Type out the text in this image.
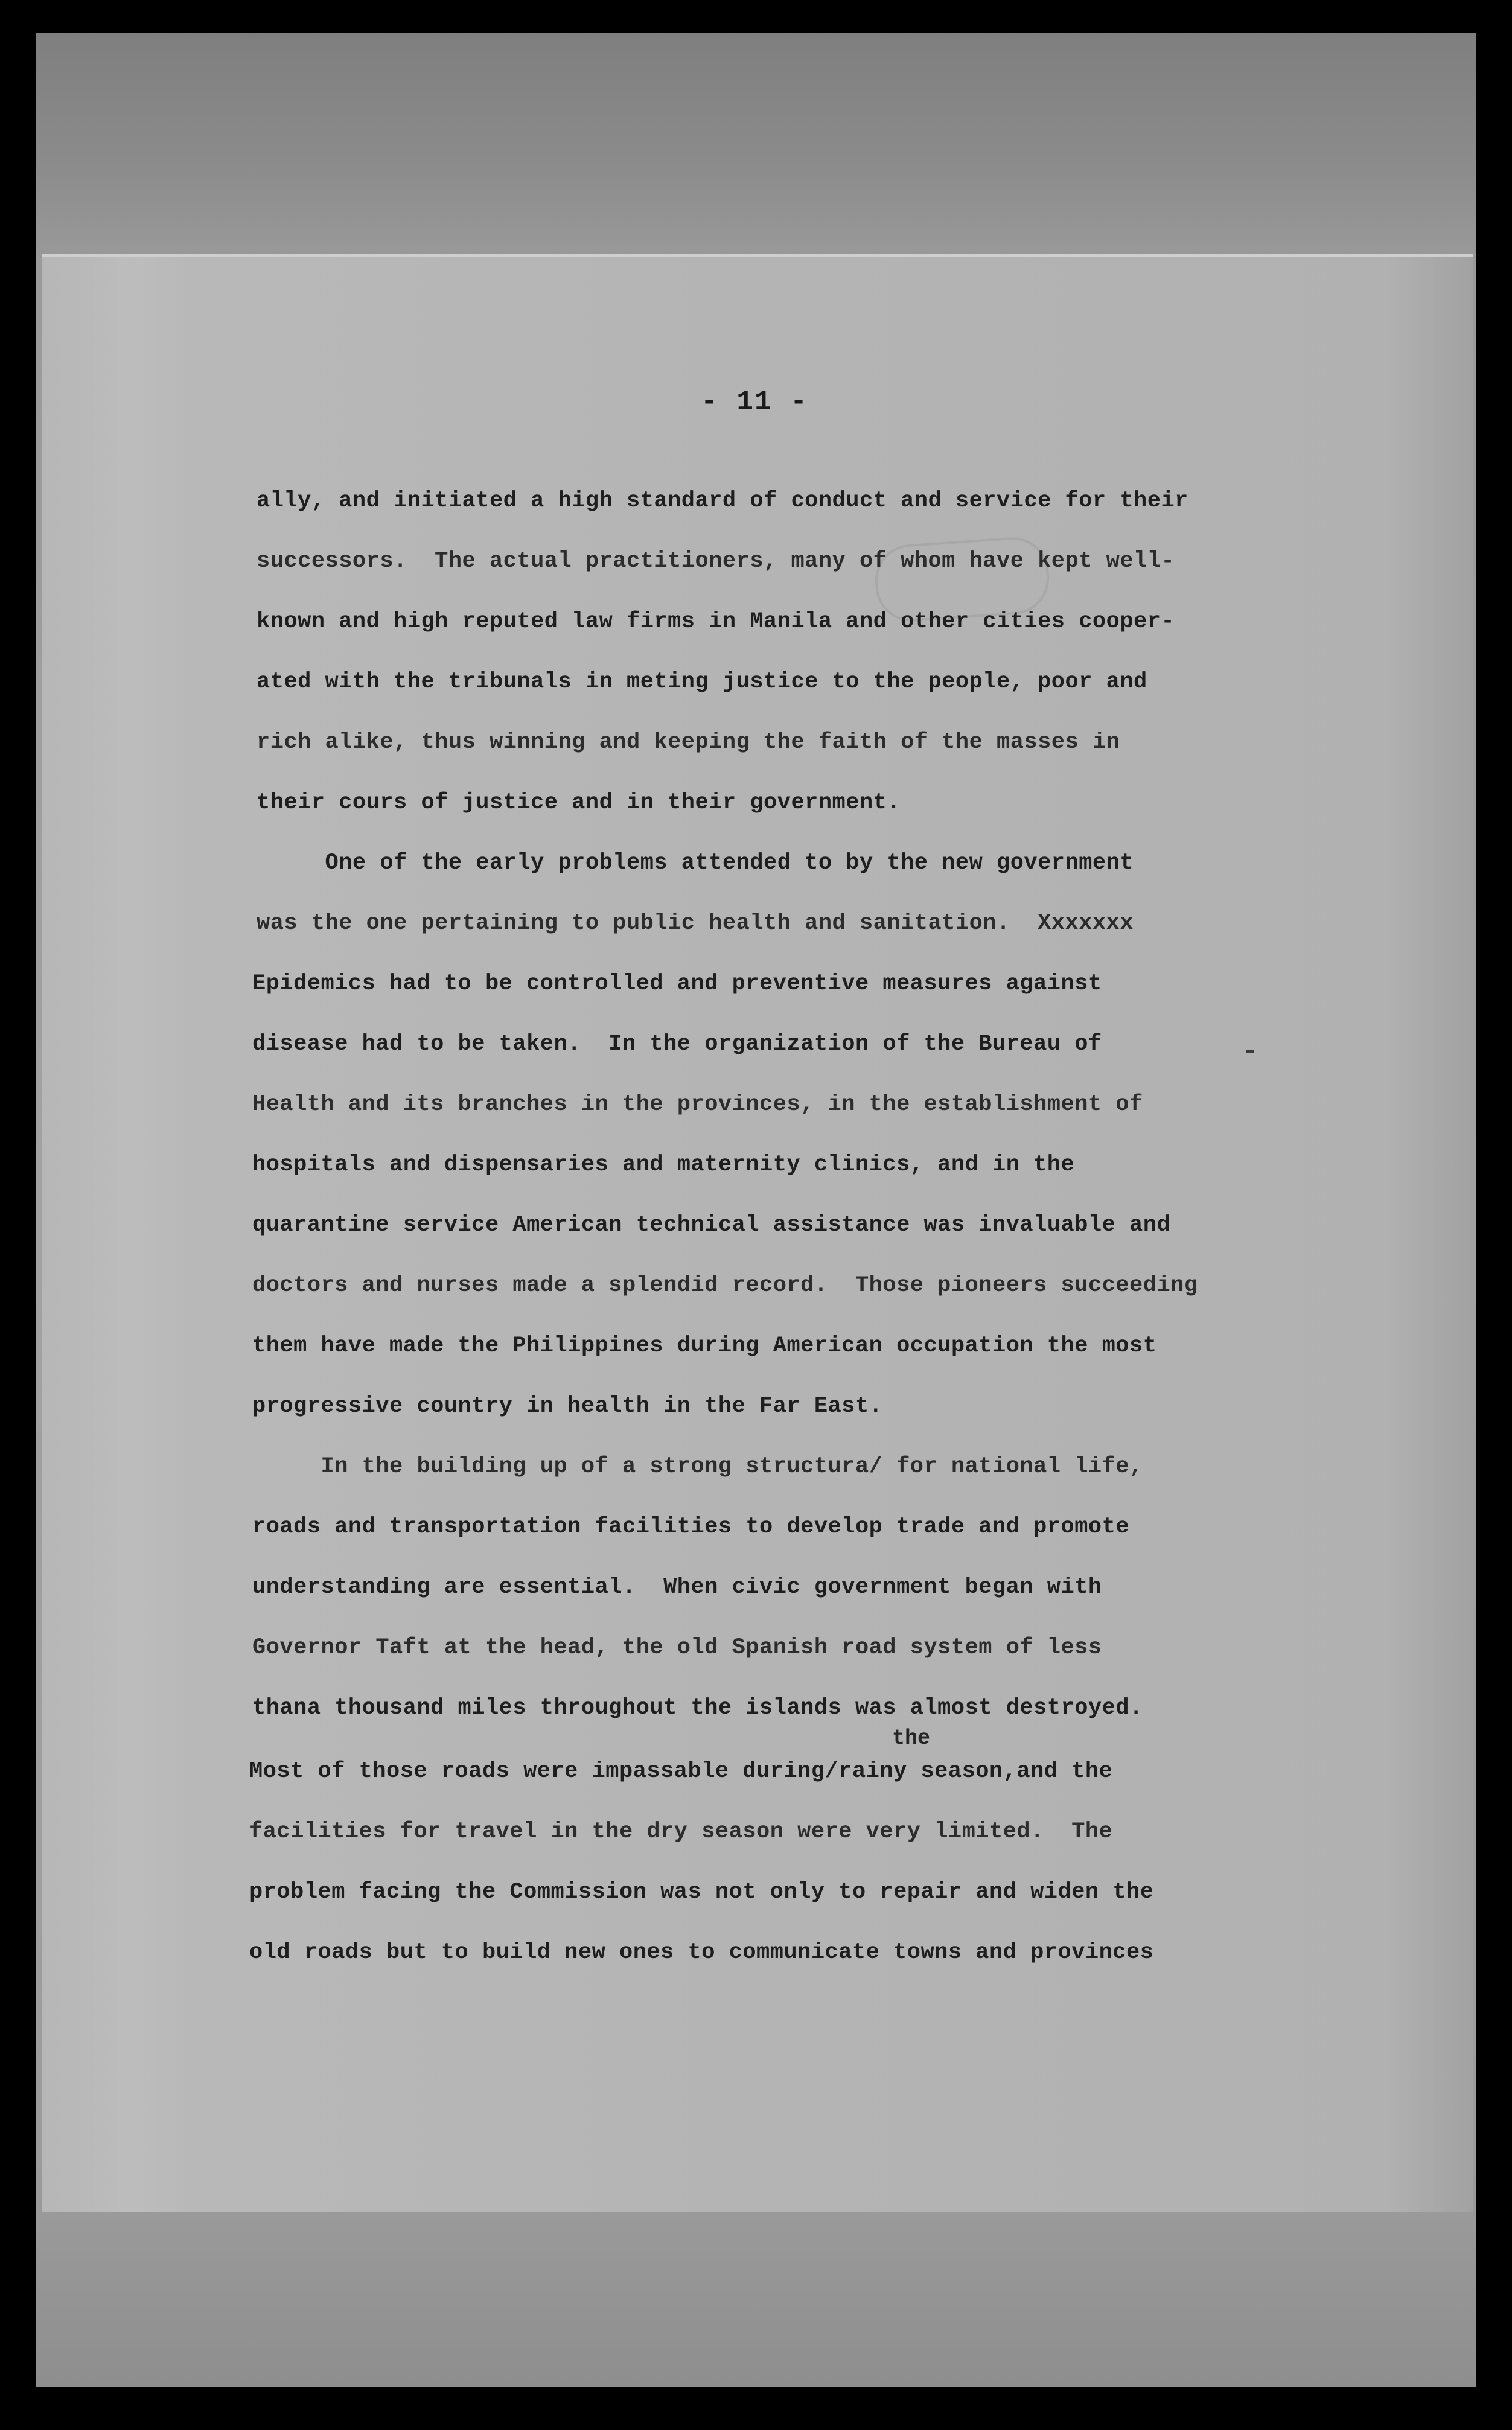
- 11 -
ally, and initiated a high standard of conduct and service for their
successors.  The actual practitioners, many of whom have kept well-
known and high reputed law firms in Manila and other cities cooper-
ated with the tribunals in meting justice to the people, poor and
rich alike, thus winning and keeping the faith of the masses in
their cours of justice and in their government.
One of the early problems attended to by the new government
was the one pertaining to public health and sanitation.  Xxxxxxx
Epidemics had to be controlled and preventive measures against
disease had to be taken.  In the organization of the Bureau of
Health and its branches in the provinces, in the establishment of
hospitals and dispensaries and maternity clinics, and in the
quarantine service American technical assistance was invaluable and
doctors and nurses made a splendid record.  Those pioneers succeeding
them have made the Philippines during American occupation the most
progressive country in health in the Far East.
In the building up of a strong structura/ for national life,
roads and transportation facilities to develop trade and promote
understanding are essential.  When civic government began with
Governor Taft at the head, the old Spanish road system of less
thana thousand miles throughout the islands was almost destroyed.
Most of those roads were impassable during/rainy season,and the
facilities for travel in the dry season were very limited.  The
problem facing the Commission was not only to repair and widen the
old roads but to build new ones to communicate towns and provinces
the
